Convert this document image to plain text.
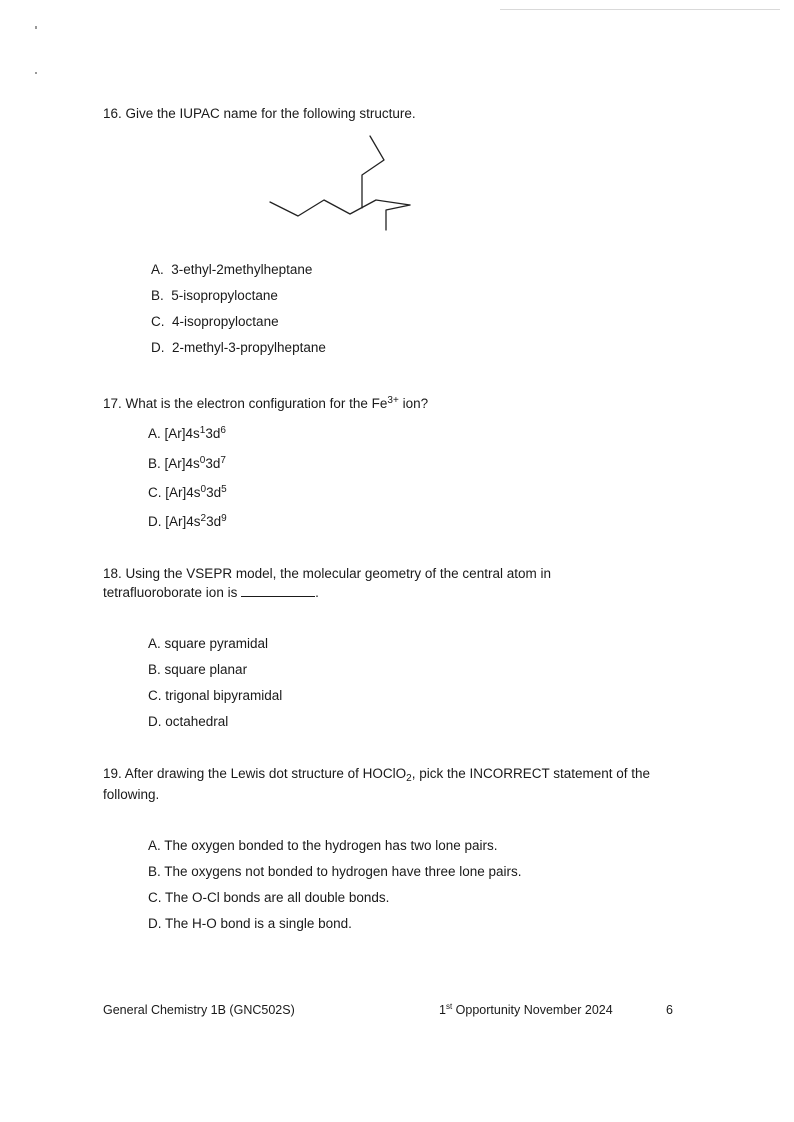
16. Give the IUPAC name for the following structure.
A. 3-ethyl-2methylheptane
B. 5-isopropyloctane
C. 4-isopropyloctane
D. 2-methyl-3-propylheptane
17. What is the electron configuration for the $Fe^{3+}$ ion?
A. $[Ar]4s^13d^6$
B. $[Ar]4s^03d^7$
C. $[Ar]4s^03d^5$
D. $[Ar]4s^23d^9$
18. Using the VSEPR model, the molecular geometry of the central atom in
tetrafluoroborate ion is	.
A. square pyramidal
B. square planar
C. trigonal bipyramidal
D. octahedral
19. After drawing the Lewis dot structure of HOClO$_2$, pick the INCORRECT statement of the
following.
A. The oxygen bonded to the hydrogen has two lone pairs.
B. The oxygens not bonded to hydrogen have three lone pairs.
C. The O-Cl bonds are all double bonds.
D. The H-O bond is a single bond.
General Chemistry 1B (GNC502S)	1st Opportunity November 2024	6
